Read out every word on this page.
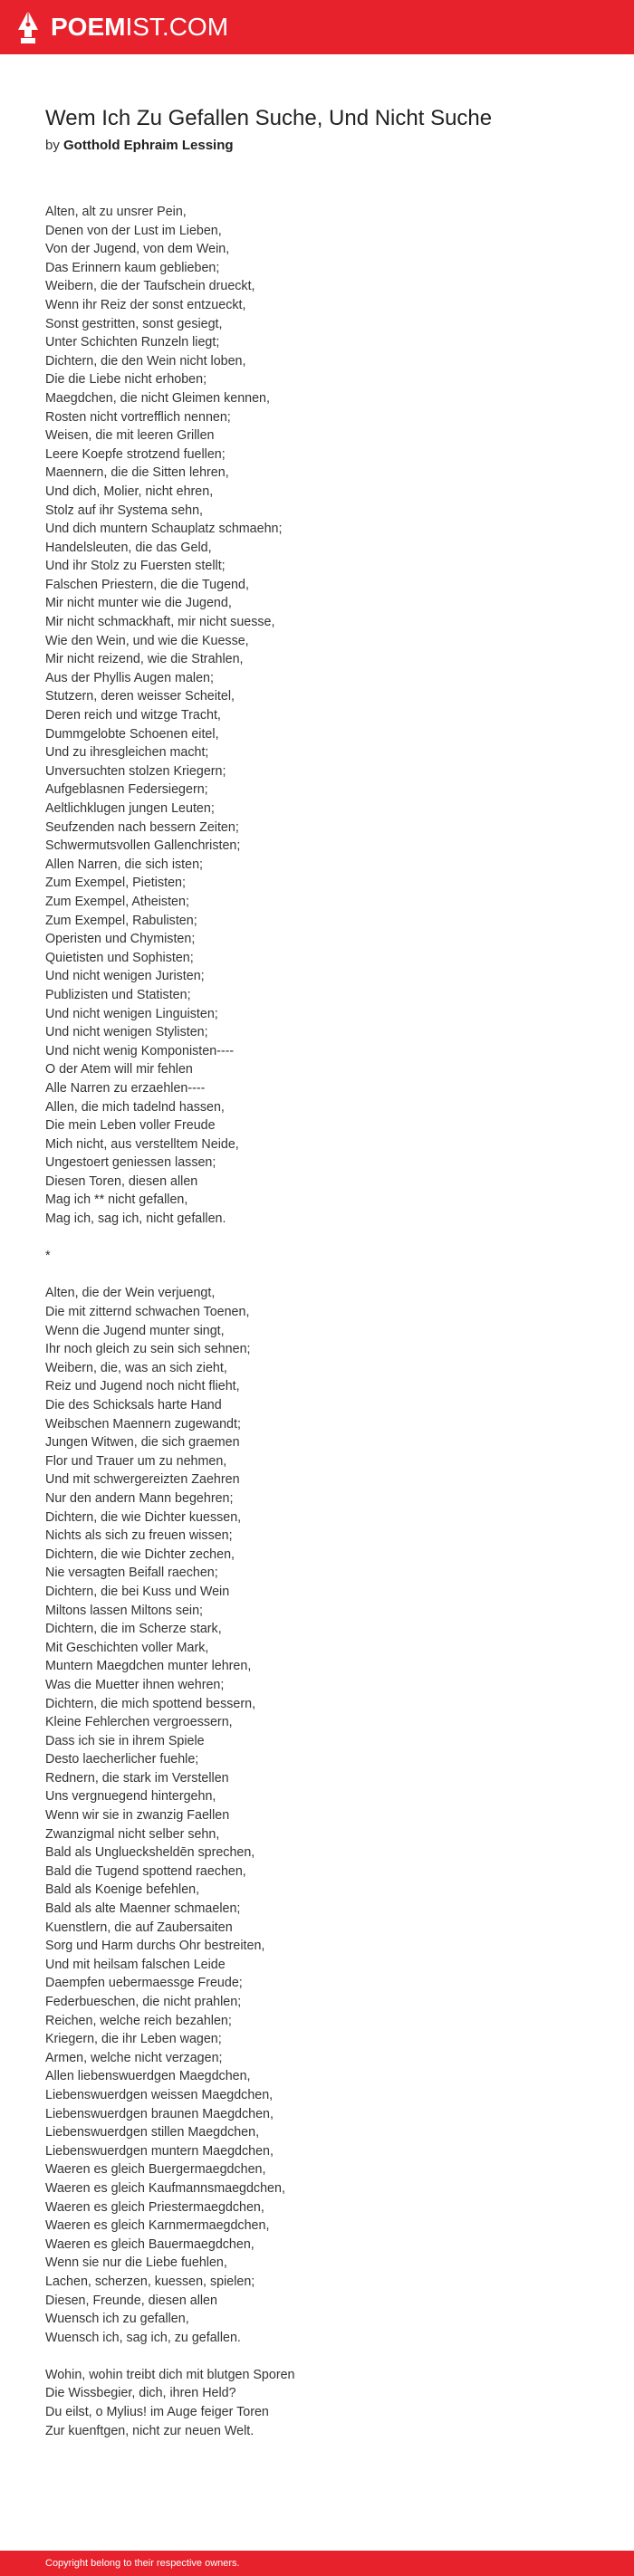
POEMIST.COM
Wem Ich Zu Gefallen Suche, Und Nicht Suche
by Gotthold Ephraim Lessing
Alten, alt zu unsrer Pein,
Denen von der Lust im Lieben,
Von der Jugend, von dem Wein,
Das Erinnern kaum geblieben;
Weibern, die der Taufschein drueckt,
Wenn ihr Reiz der sonst entzueckt,
Sonst gestritten, sonst gesiegt,
Unter Schichten Runzeln liegt;
Dichtern, die den Wein nicht loben,
Die die Liebe nicht erhoben;
Maegdchen, die nicht Gleimen kennen,
Rosten nicht vortrefflich nennen;
Weisen, die mit leeren Grillen
Leere Koepfe strotzend fuellen;
Maennern, die die Sitten lehren,
Und dich, Molier, nicht ehren,
Stolz auf ihr Systema sehn,
Und dich muntern Schauplatz schmaehn;
Handelsleuten, die das Geld,
Und ihr Stolz zu Fuersten stellt;
Falschen Priestern, die die Tugend,
Mir nicht munter wie die Jugend,
Mir nicht schmackhaft, mir nicht suesse,
Wie den Wein, und wie die Kuesse,
Mir nicht reizend, wie die Strahlen,
Aus der Phyllis Augen malen;
Stutzern, deren weisser Scheitel,
Deren reich und witzge Tracht,
Dummgelobte Schoenen eitel,
Und zu ihresgleichen macht;
Unversuchten stolzen Kriegern;
Aufgeblasnen Federsiegern;
Aeltlichklugen jungen Leuten;
Seufzenden nach bessern Zeiten;
Schwermutsvollen Gallenchristen;
Allen Narren, die sich isten;
Zum Exempel, Pietisten;
Zum Exempel, Atheisten;
Zum Exempel, Rabulisten;
Operisten und Chymisten;
Quietisten und Sophisten;
Und nicht wenigen Juristen;
Publizisten und Statisten;
Und nicht wenigen Linguisten;
Und nicht wenigen Stylisten;
Und nicht wenig Komponisten----
O der Atem will mir fehlen
Alle Narren zu erzaehlen----
Allen, die mich tadelnd hassen,
Die mein Leben voller Freude
Mich nicht, aus verstelltem Neide,
Ungestoert geniessen lassen;
Diesen Toren, diesen allen
Mag ich ** nicht gefallen,
Mag ich, sag ich, nicht gefallen.
*
Alten, die der Wein verjuengt,
Die mit zitternd schwachen Toenen,
Wenn die Jugend munter singt,
Ihr noch gleich zu sein sich sehnen;
Weibern, die, was an sich zieht,
Reiz und Jugend noch nicht flieht,
Die des Schicksals harte Hand
Weibschen Maennern zugewandt;
Jungen Witwen, die sich graemen
Flor und Trauer um zu nehmen,
Und mit schwergereizten Zaehren
Nur den andern Mann begehren;
Dichtern, die wie Dichter kuessen,
Nichts als sich zu freuen wissen;
Dichtern, die wie Dichter zechen,
Nie versagten Beifall raechen;
Dichtern, die bei Kuss und Wein
Miltons lassen Miltons sein;
Dichtern, die im Scherze stark,
Mit Geschichten voller Mark,
Muntern Maegdchen munter lehren,
Was die Muetter ihnen wehren;
Dichtern, die mich spottend bessern,
Kleine Fehlerchen vergroessern,
Dass ich sie in ihrem Spiele
Desto laecherlicher fuehle;
Rednern, die stark im Verstellen
Uns vergnuegend hintergehn,
Wenn wir sie in zwanzig Faellen
Zwanzigmal nicht selber sehn,
Bald als Ungluecksheldēn sprechen,
Bald die Tugend spottend raechen,
Bald als Koenige befehlen,
Bald als alte Maenner schmaelen;
Kuenstlern, die auf Zaubersaiten
Sorg und Harm durchs Ohr bestreiten,
Und mit heilsam falschen Leide
Daempfen uebermaessge Freude;
Federbueschen, die nicht prahlen;
Reichen, welche reich bezahlen;
Kriegern, die ihr Leben wagen;
Armen, welche nicht verzagen;
Allen liebenswuerdgen Maegdchen,
Liebenswuerdgen weissen Maegdchen,
Liebenswuerdgen braunen Maegdchen,
Liebenswuerdgen stillen Maegdchen,
Liebenswuerdgen muntern Maegdchen,
Waeren es gleich Buergermaegdchen,
Waeren es gleich Kaufmannsmaegdchen,
Waeren es gleich Priestermaegdchen,
Waeren es gleich Karnmermaegdchen,
Waeren es gleich Bauermaegdchen,
Wenn sie nur die Liebe fuehlen,
Lachen, scherzen, kuessen, spielen;
Diesen, Freunde, diesen allen
Wuensch ich zu gefallen,
Wuensch ich, sag ich, zu gefallen.
Wohin, wohin treibt dich mit blutgen Sporen
Die Wissbegier, dich, ihren Held?
Du eilst, o Mylius! im Auge feiger Toren
Zur kuenftgen, nicht zur neuen Welt.
Copyright belong to their respective owners.
